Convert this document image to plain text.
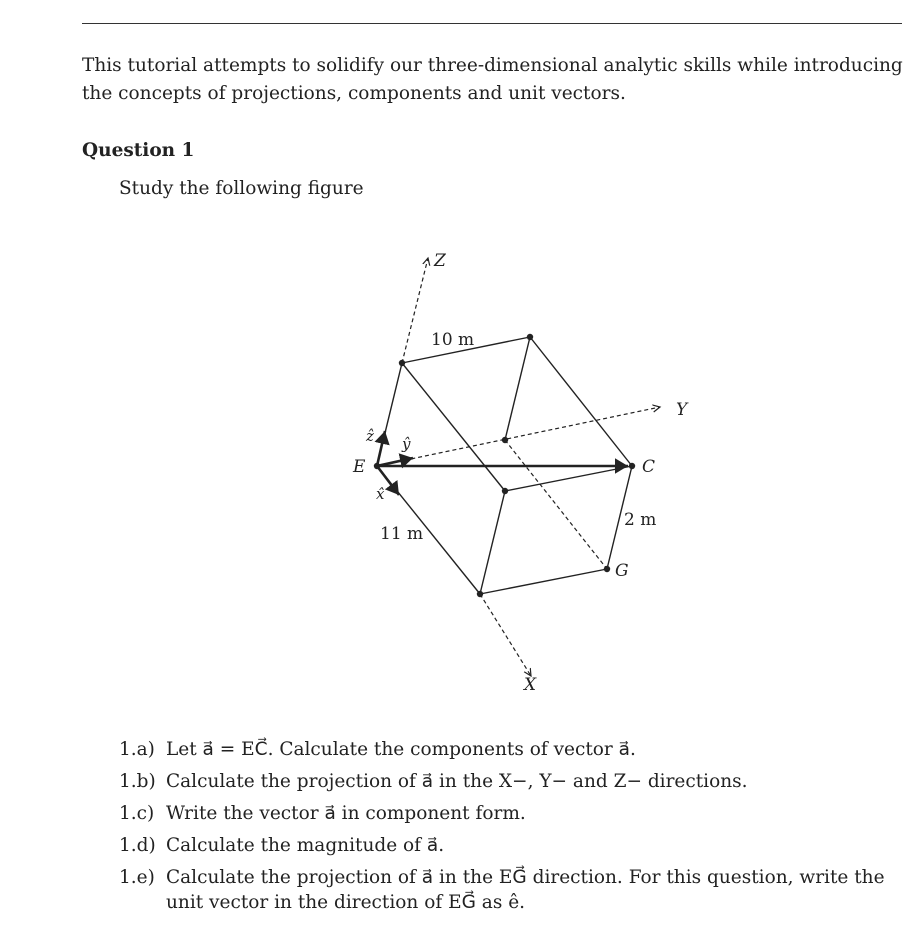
This tutorial attempts to solidify our three-dimensional analytic skills while introducing the concepts of projections, components and unit vectors.

Question 1
Study the following figure
Z
Y
X
10 m
11 m
2 m
E	C
G
ẑ ŷ
x̂
1.a) Let a⃗ = EC⃗. Calculate the components of vector a⃗.
1.b) Calculate the projection of a⃗ in the X−, Y− and Z− directions.
1.c) Write the vector a⃗ in component form.
1.d) Calculate the magnitude of a⃗.
1.e) Calculate the projection of a⃗ in the EG⃗ direction. For this question, write the unit vector in the direction of EG⃗ as ê.
